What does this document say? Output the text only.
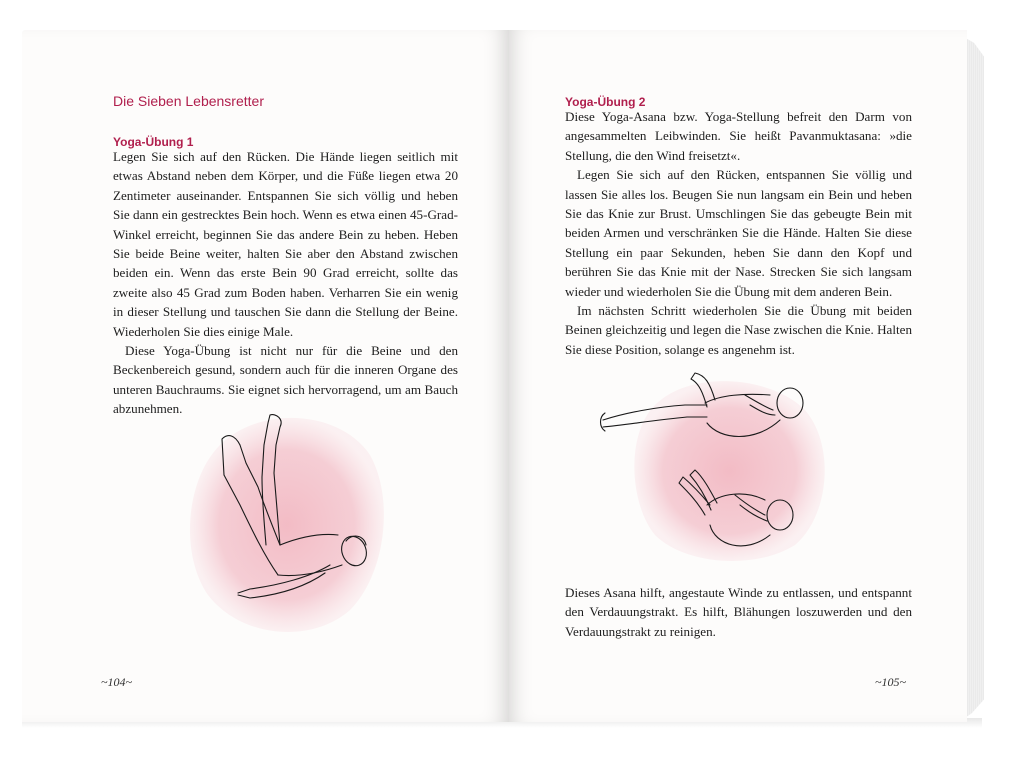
Die Sieben Lebensretter
Yoga-Übung 1

Legen Sie sich auf den Rücken. Die Hände liegen seitlich mit etwas Abstand neben dem Körper, und die Füße liegen etwa 20 Zentimeter auseinander. Entspannen Sie sich völlig und heben Sie dann ein gestrecktes Bein hoch. Wenn es etwa einen 45-Grad-Winkel erreicht, beginnen Sie das andere Bein zu heben. Heben Sie beide Beine weiter, halten Sie aber den Abstand zwischen beiden ein. Wenn das erste Bein 90 Grad erreicht, sollte das zweite also 45 Grad zum Boden haben. Verharren Sie ein wenig in dieser Stellung und tauschen Sie dann die Stellung der Beine. Wiederholen Sie dies einige Male.

Diese Yoga-Übung ist nicht nur für die Beine und den Beckenbereich gesund, sondern auch für die inneren Organe des unteren Bauchraums. Sie eignet sich hervorragend, um am Bauch abzunehmen.

~104~
Yoga-Übung 2

Diese Yoga-Asana bzw. Yoga-Stellung befreit den Darm von angesammelten Leibwinden. Sie heißt Pavanmuktasana: »die Stellung, die den Wind freisetzt«.

Legen Sie sich auf den Rücken, entspannen Sie völlig und lassen Sie alles los. Beugen Sie nun langsam ein Bein und heben Sie das Knie zur Brust. Umschlingen Sie das gebeugte Bein mit beiden Armen und verschränken Sie die Hände. Halten Sie diese Stellung ein paar Sekunden, heben Sie dann den Kopf und berühren Sie das Knie mit der Nase. Strecken Sie sich langsam wieder und wiederholen Sie die Übung mit dem anderen Bein.

Im nächsten Schritt wiederholen Sie die Übung mit beiden Beinen gleichzeitig und legen die Nase zwischen die Knie. Halten Sie diese Position, solange es angenehm ist.

Dieses Asana hilft, angestaute Winde zu entlassen, und entspannt den Verdauungstrakt. Es hilft, Blähungen loszuwerden und den Verdauungstrakt zu reinigen.

~105~
